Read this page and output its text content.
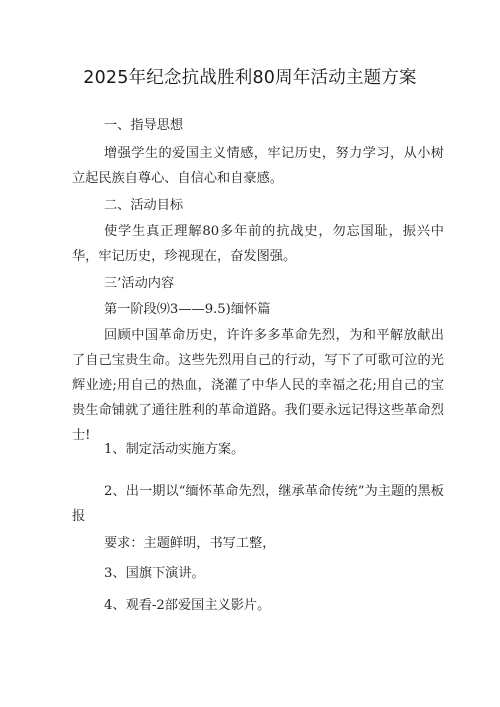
2025年纪念抗战胜利80周年活动主题方案
一、指导思想
增强学生的爱国主义情感，牢记历史，努力学习，从小树立起民族自尊心、自信心和自豪感。
二、活动目标
使学生真正理解80多年前的抗战史，勿忘国耻，振兴中华，牢记历史，珍视现在，奋发图强。
三’活动内容
第一阶段⑼3——9.5)缅怀篇
回顾中国革命历史，许许多多革命先烈，为和平解放献出了自己宝贵生命。这些先烈用自己的行动，写下了可歌可泣的光辉业迹;用自己的热血，浇灌了中华人民的幸福之花;用自己的宝贵生命铺就了通往胜利的革命道路。我们要永远记得这些革命烈士!
1、制定活动实施方案。
2、出一期以“缅怀革命先烈，继承革命传统”为主题的黑板报
要求：主题鲜明，书写工整，
3、国旗下演讲。
4、观看-2部爱国主义影片。
